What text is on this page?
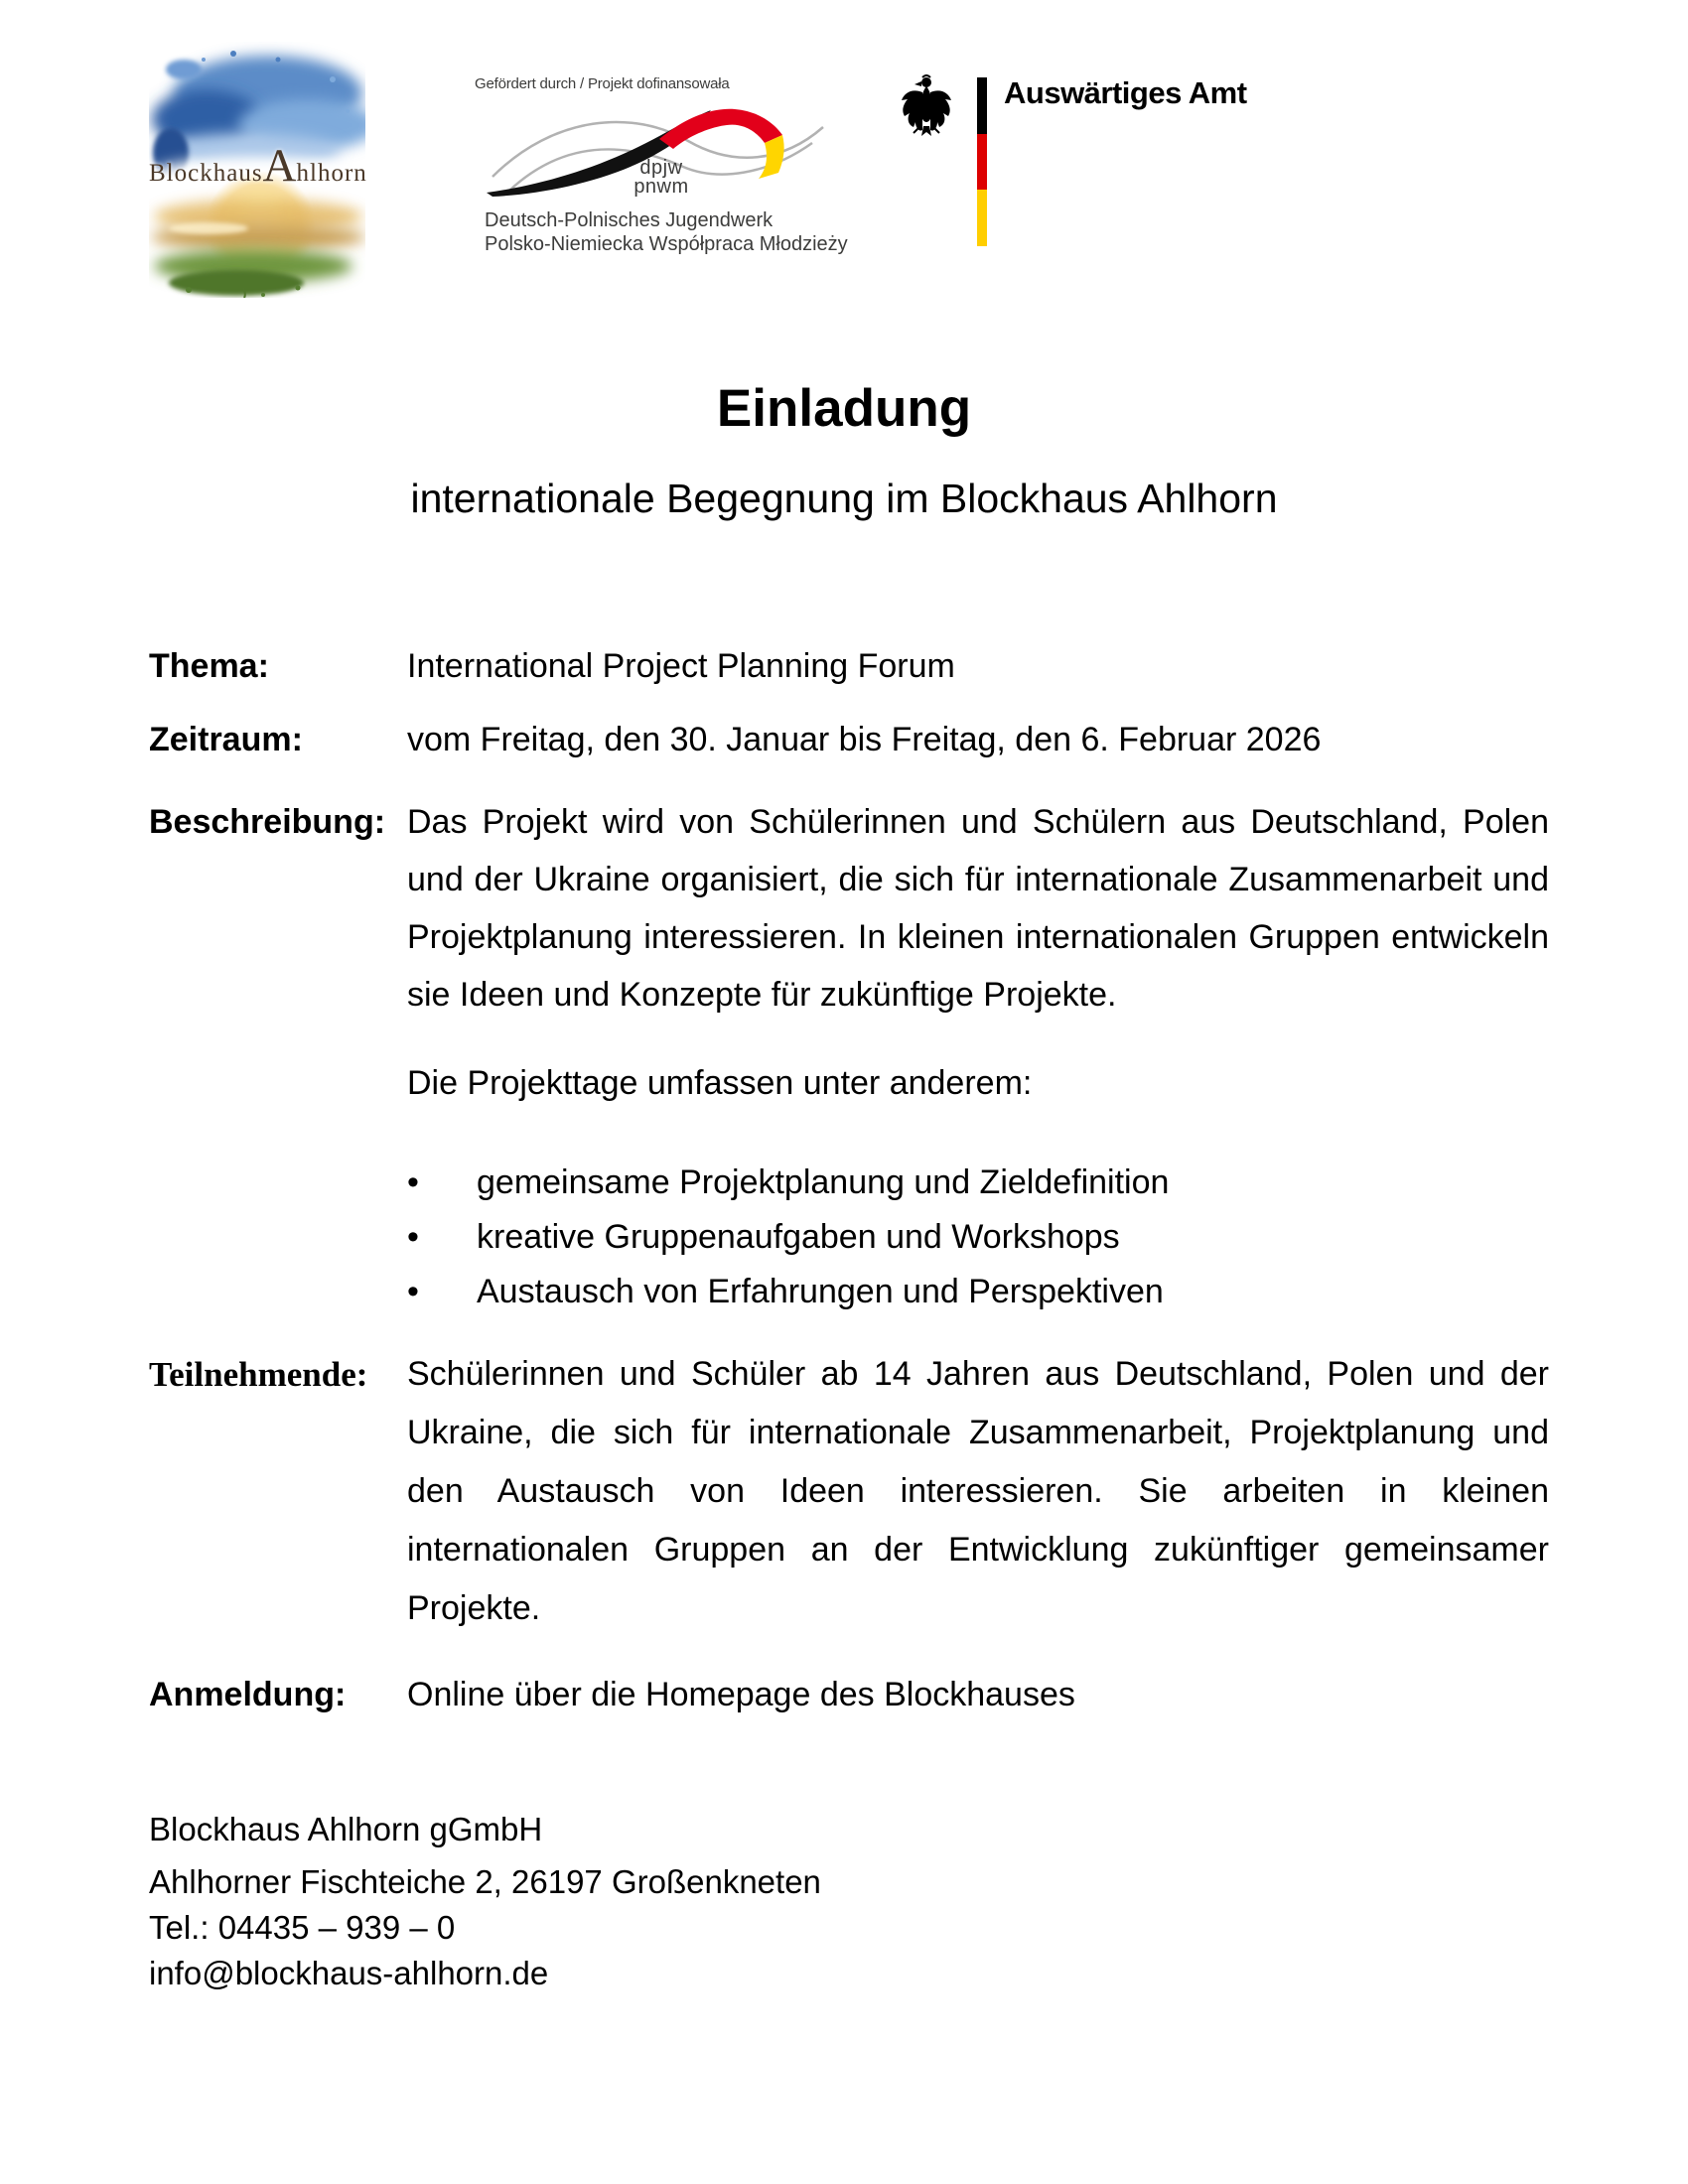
BlockhausAhlhorn
Gefördert durch / Projekt dofinansowała
dpjw
pnwm
Deutsch-Polnisches Jugendwerk
Polsko-Niemiecka Współpraca Młodzieży
Auswärtiges Amt
Einladung
internationale Begegnung im Blockhaus Ahlhorn
Thema:	International Project Planning Forum
Zeitraum:	vom Freitag, den 30. Januar bis Freitag, den 6. Februar 2026
Beschreibung: Das Projekt wird von Schülerinnen und Schülern aus Deutschland, Polen und der Ukraine organisiert, die sich für internationale Zusammenarbeit und Projektplanung interessieren. In kleinen internationalen Gruppen entwickeln sie Ideen und Konzepte für zukünftige Projekte.

Die Projekttage umfassen unter anderem:
• gemeinsame Projektplanung und Zieldefinition
• kreative Gruppenaufgaben und Workshops
• Austausch von Erfahrungen und Perspektiven
Teilnehmende:	Schülerinnen und Schüler ab 14 Jahren aus Deutschland, Polen und der Ukraine, die sich für internationale Zusammenarbeit, Projektplanung und den Austausch von Ideen interessieren. Sie arbeiten in kleinen internationalen Gruppen an der Entwicklung zukünftiger gemeinsamer Projekte.

Anmeldung:	Online über die Homepage des Blockhauses
Blockhaus Ahlhorn gGmbH
Ahlhorner Fischteiche 2, 26197 Großenkneten
Tel.: 04435 – 939 – 0
info@blockhaus-ahlhorn.de
